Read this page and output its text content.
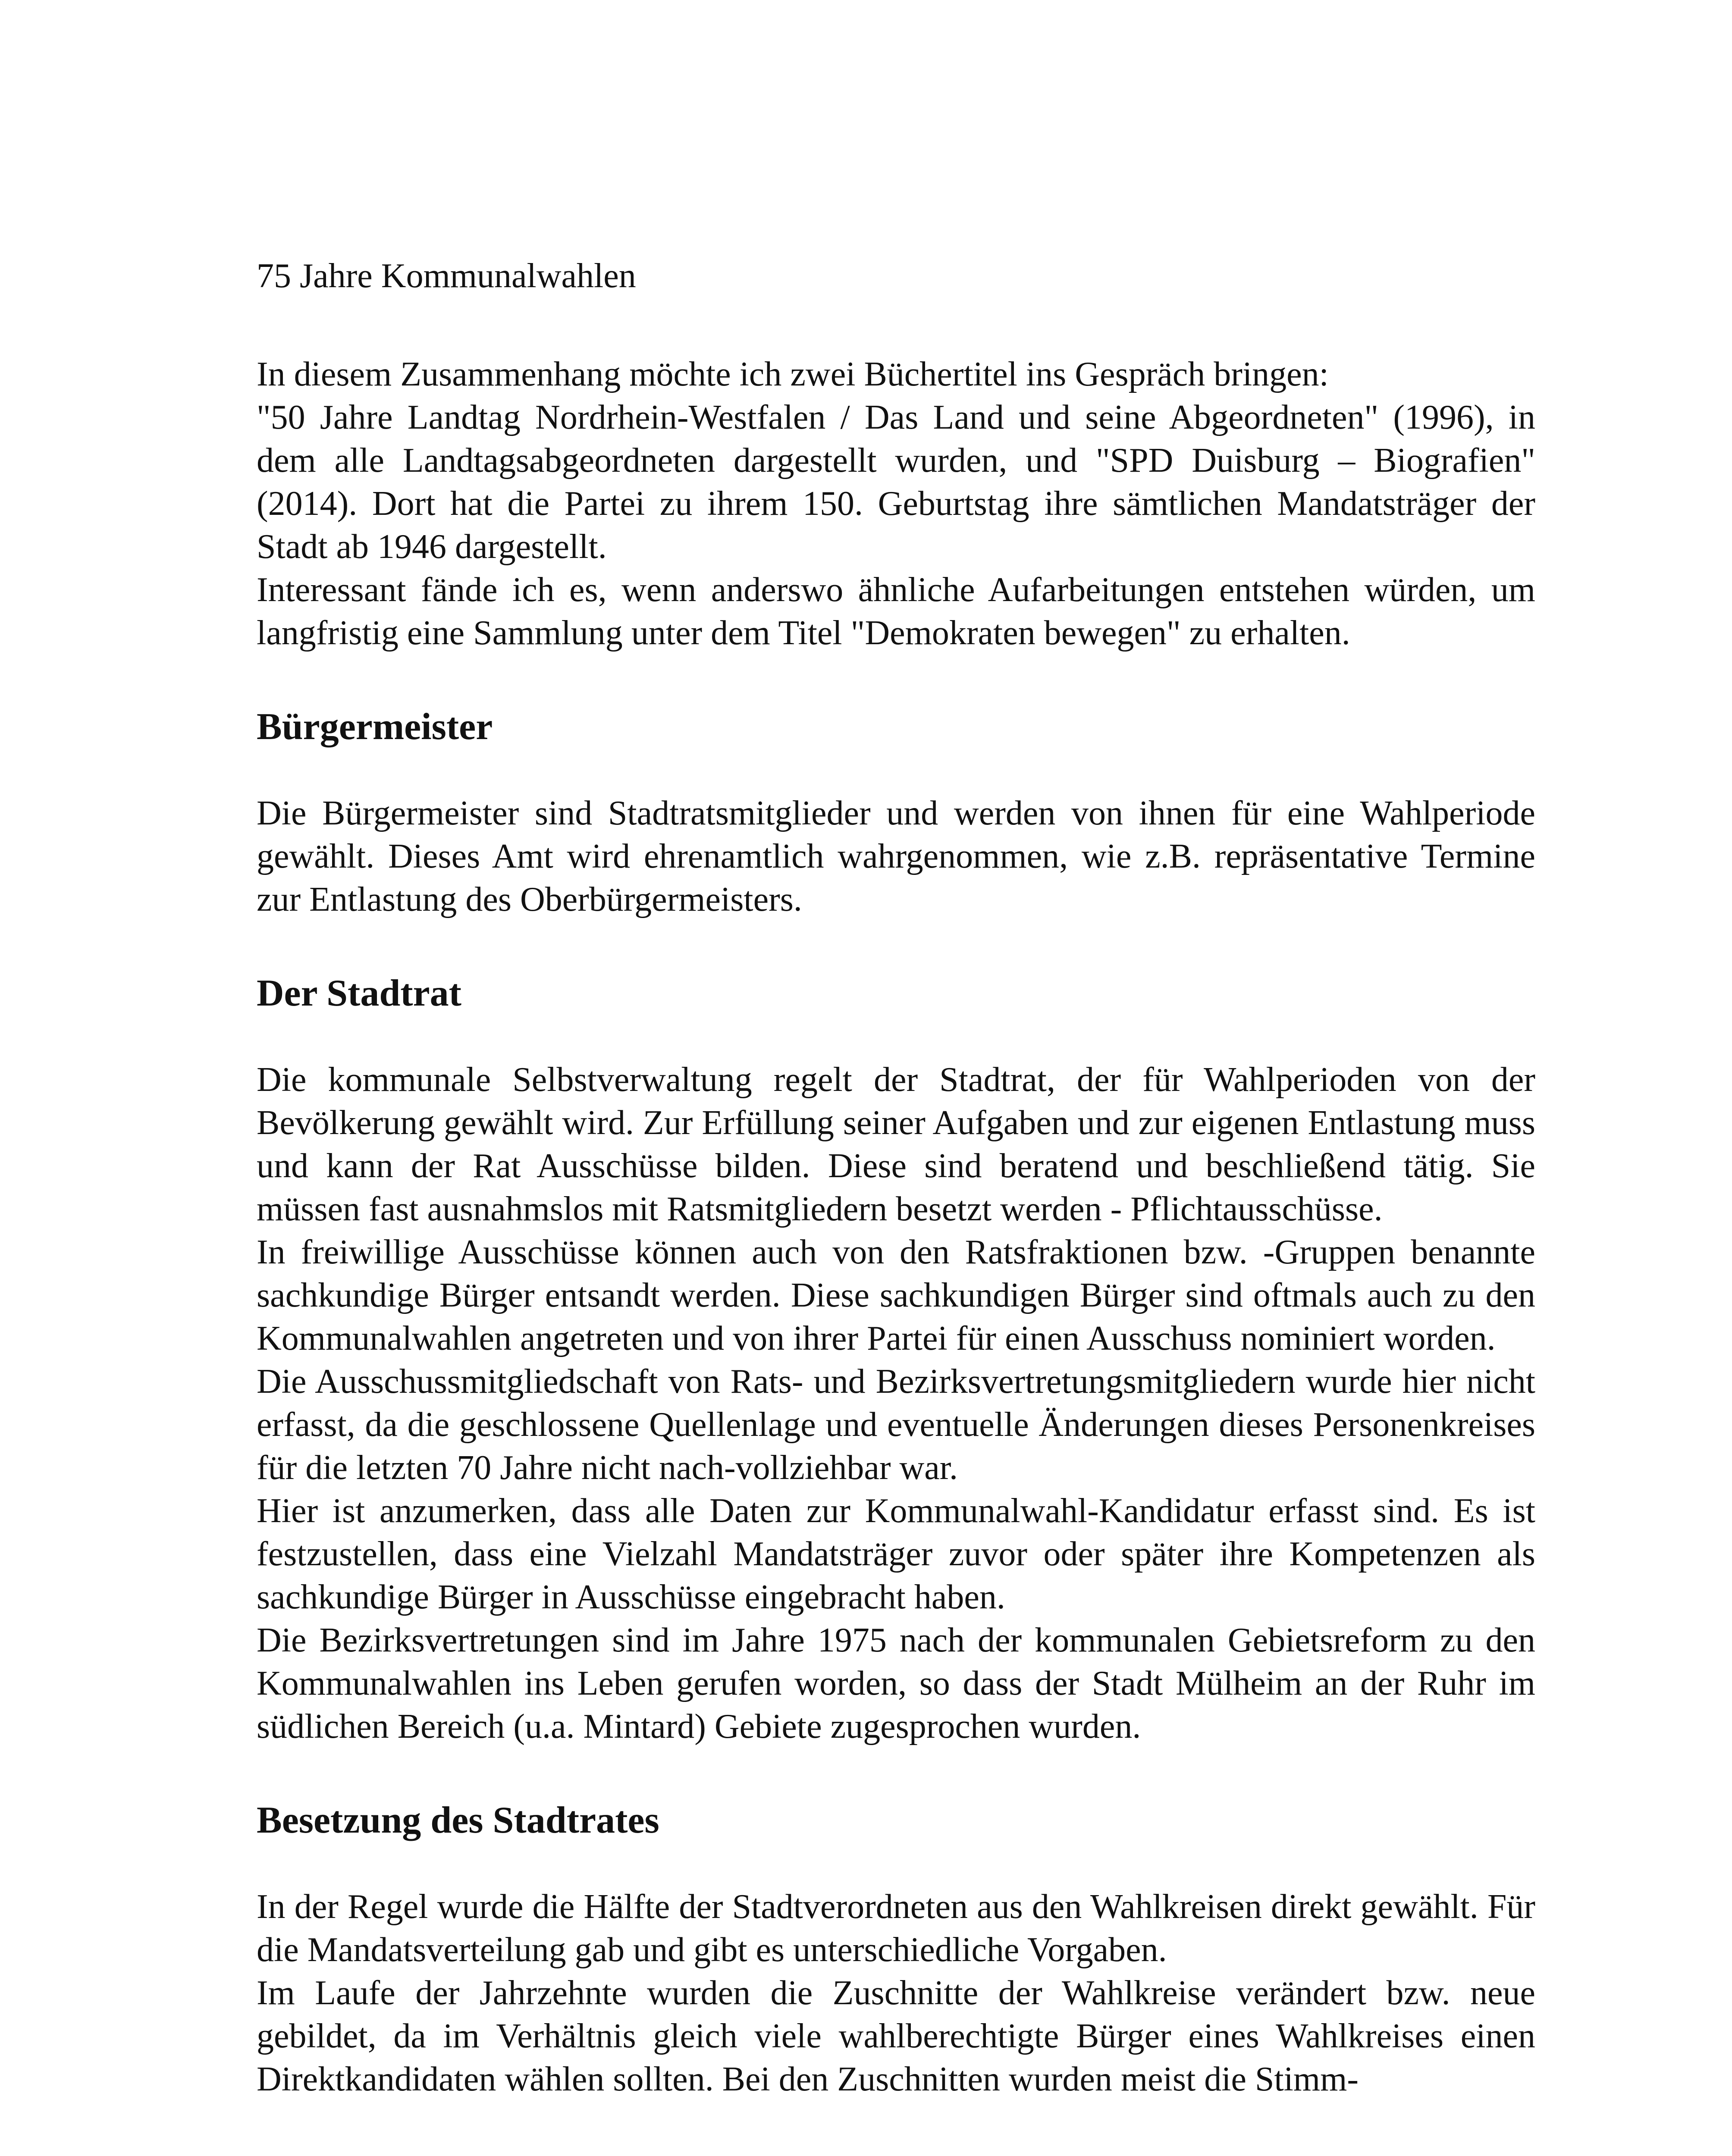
75 Jahre Kommunalwahlen

In diesem Zusammenhang möchte ich zwei Büchertitel ins Gespräch bringen:

"50 Jahre Landtag Nordrhein-Westfalen / Das Land und seine Abgeordneten" (1996), in dem alle Landtagsabgeordneten dargestellt wurden, und "SPD Duisburg – Biografien" (2014). Dort hat die Partei zu ihrem 150. Geburtstag ihre sämtlichen Mandatsträger der Stadt ab 1946 dargestellt.

Interessant fände ich es, wenn anderswo ähnliche Aufarbeitungen entstehen würden, um langfristig eine Sammlung unter dem Titel "Demokraten bewegen" zu erhalten.

Bürgermeister

Die Bürgermeister sind Stadtratsmitglieder und werden von ihnen für eine Wahlperiode gewählt. Dieses Amt wird ehrenamtlich wahrgenommen, wie z.B. repräsentative Termine zur Entlastung des Oberbürgermeisters.

Der Stadtrat

Die kommunale Selbstverwaltung regelt der Stadtrat, der für Wahlperioden von der Bevölkerung gewählt wird. Zur Erfüllung seiner Aufgaben und zur eigenen Entlastung muss und kann der Rat Ausschüsse bilden. Diese sind beratend und beschließend tätig. Sie müssen fast ausnahmslos mit Ratsmitgliedern besetzt werden - Pflichtausschüsse.

In freiwillige Ausschüsse können auch von den Ratsfraktionen bzw. -Gruppen benannte sachkundige Bürger entsandt werden. Diese sachkundigen Bürger sind oftmals auch zu den Kommunalwahlen angetreten und von ihrer Partei für einen Ausschuss nominiert worden.

Die Ausschussmitgliedschaft von Rats- und Bezirksvertretungsmitgliedern wurde hier nicht erfasst, da die geschlossene Quellenlage und eventuelle Änderungen dieses Personenkreises für die letzten 70 Jahre nicht nach-vollziehbar war.

Hier ist anzumerken, dass alle Daten zur Kommunalwahl-Kandidatur erfasst sind. Es ist festzustellen, dass eine Vielzahl Mandatsträger zuvor oder später ihre Kompetenzen als sachkundige Bürger in Ausschüsse eingebracht haben.

Die Bezirksvertretungen sind im Jahre 1975 nach der kommunalen Gebietsreform zu den Kommunalwahlen ins Leben gerufen worden, so dass der Stadt Mülheim an der Ruhr im südlichen Bereich (u.a. Mintard) Gebiete zugesprochen wurden.

Besetzung des Stadtrates

In der Regel wurde die Hälfte der Stadtverordneten aus den Wahlkreisen direkt gewählt. Für die Mandatsverteilung gab und gibt es unterschiedliche Vorgaben.

Im Laufe der Jahrzehnte wurden die Zuschnitte der Wahlkreise verändert bzw. neue gebildet, da im Verhältnis gleich viele wahlberechtigte Bürger eines Wahlkreises einen Direktkandidaten wählen sollten. Bei den Zuschnitten wurden meist die Stimm-
